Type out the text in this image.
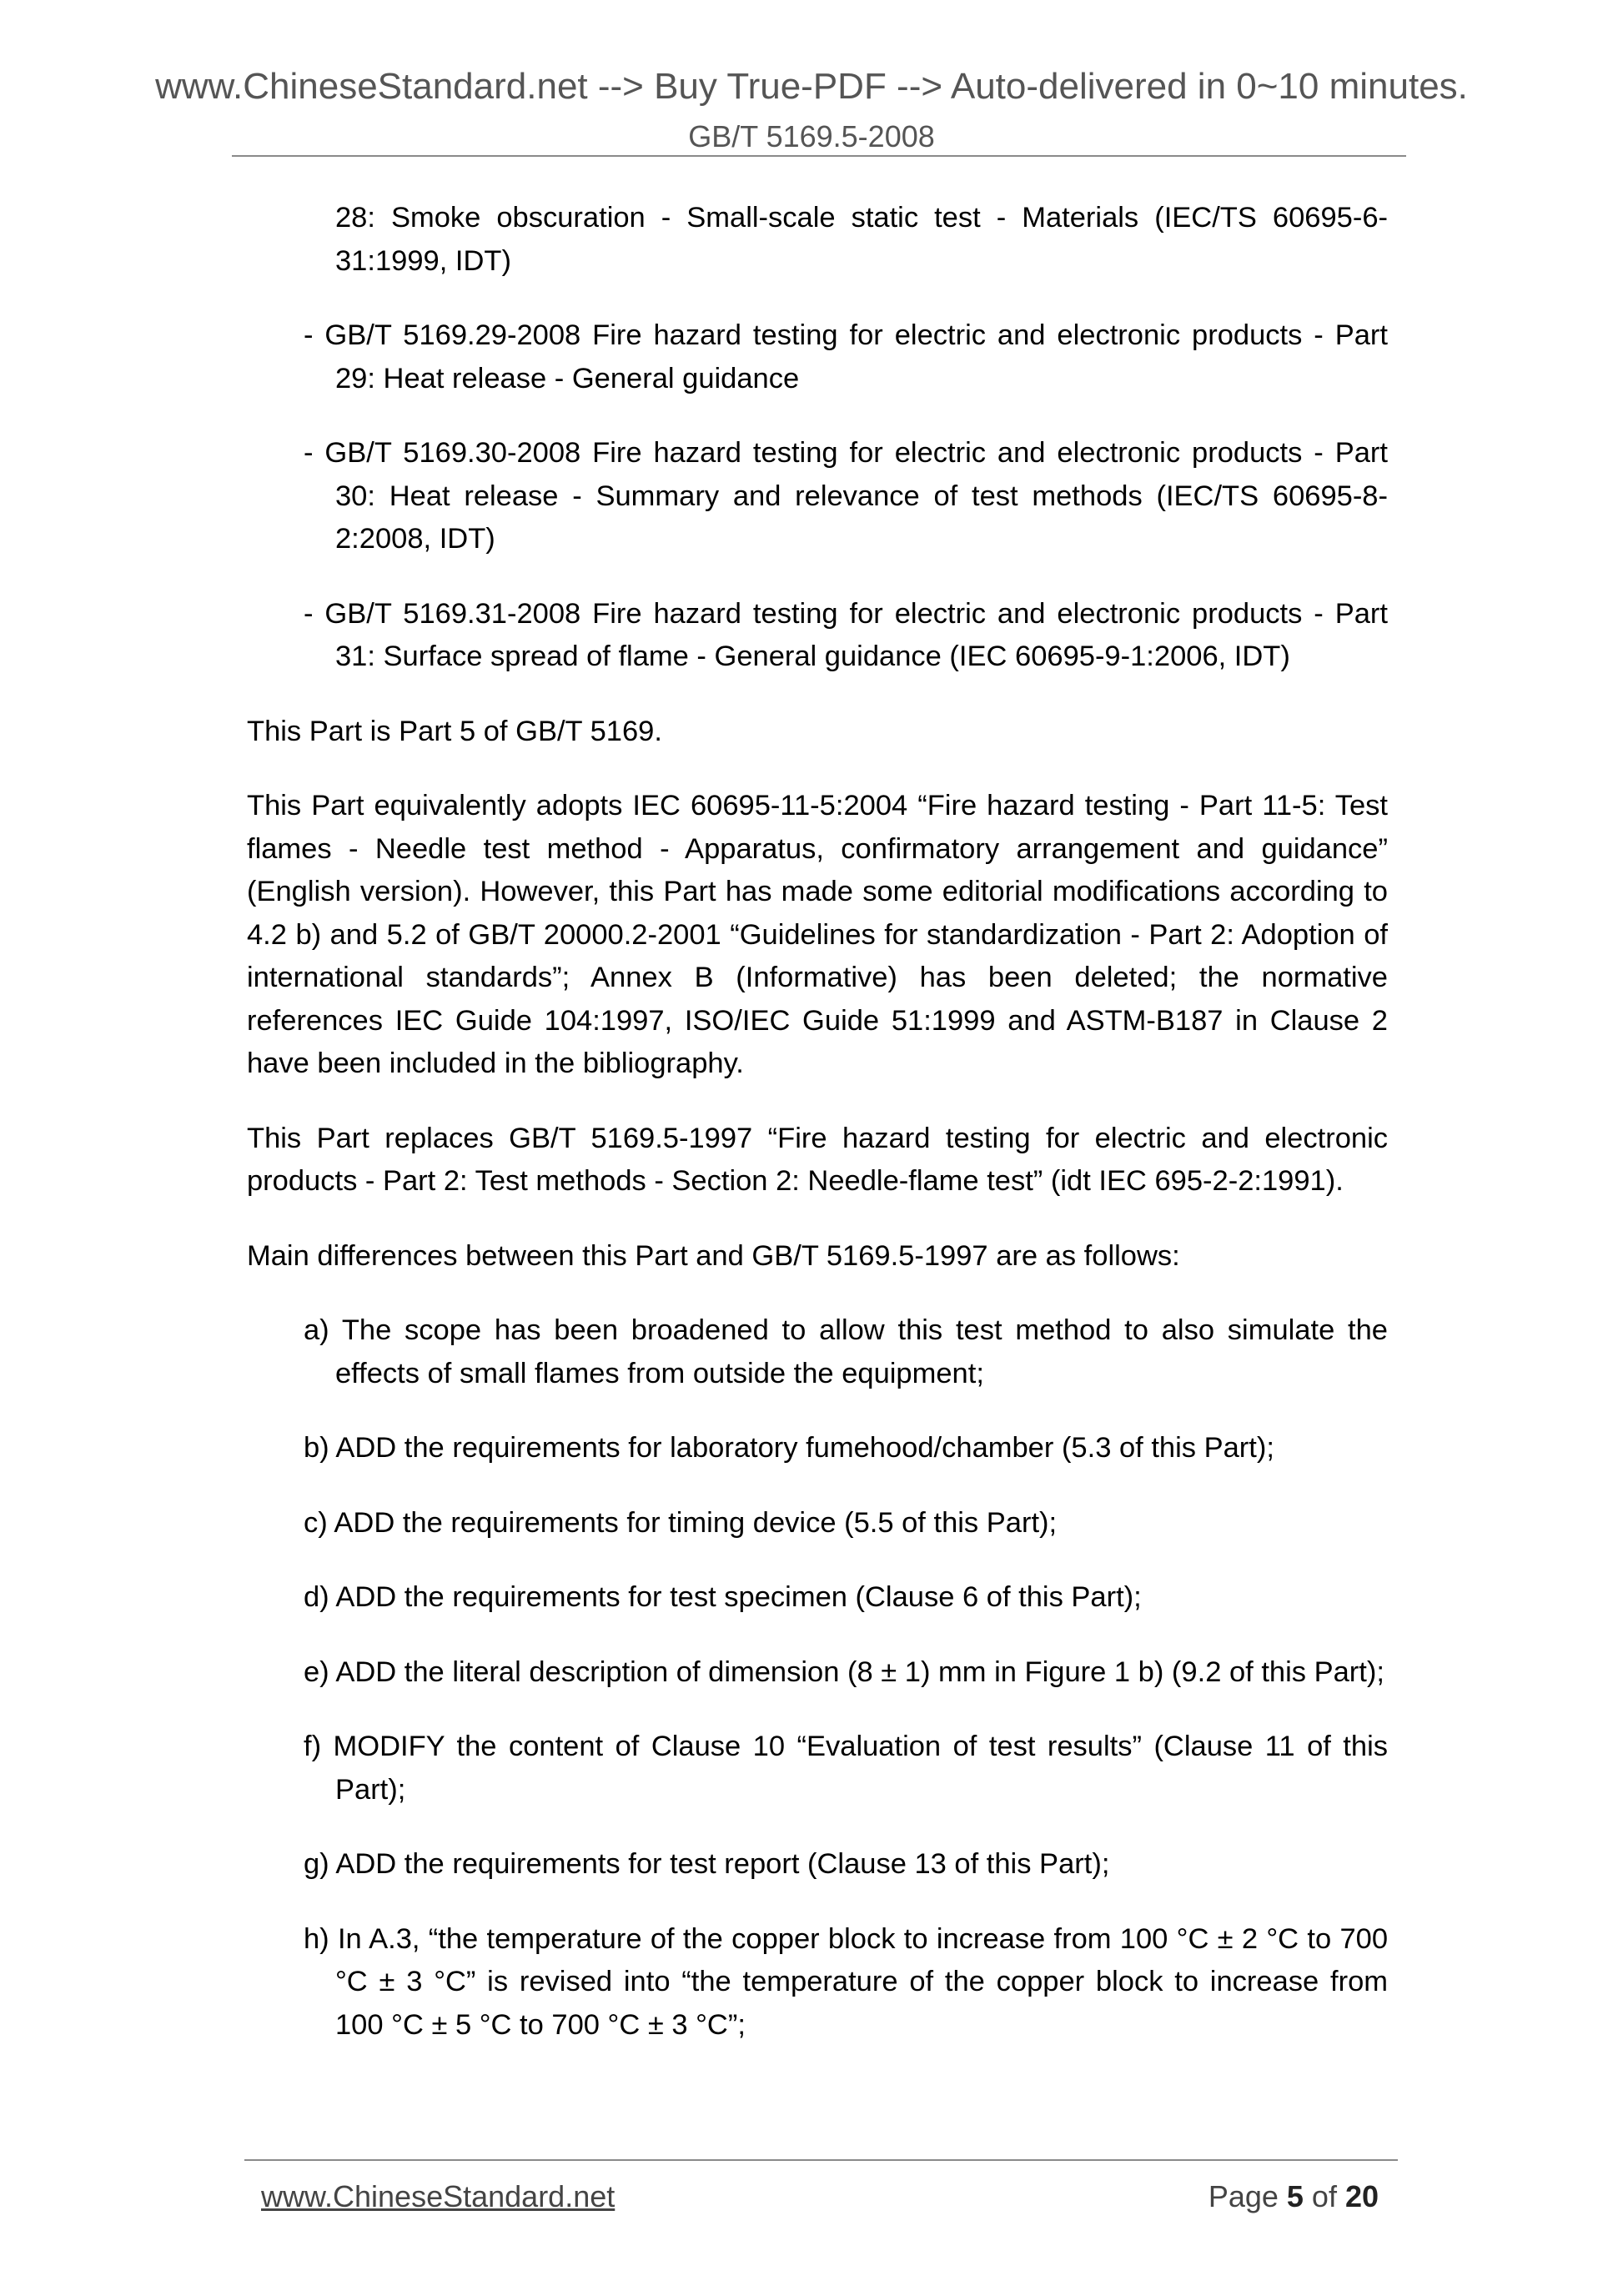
www.ChineseStandard.net --> Buy True-PDF --> Auto-delivered in 0~10 minutes.
GB/T 5169.5-2008

28: Smoke obscuration - Small-scale static test - Materials (IEC/TS 60695-6-31:1999, IDT)

- GB/T 5169.29-2008 Fire hazard testing for electric and electronic products - Part 29: Heat release - General guidance

- GB/T 5169.30-2008 Fire hazard testing for electric and electronic products - Part 30: Heat release - Summary and relevance of test methods (IEC/TS 60695-8-2:2008, IDT)

- GB/T 5169.31-2008 Fire hazard testing for electric and electronic products - Part 31: Surface spread of flame - General guidance (IEC 60695-9-1:2006, IDT)

This Part is Part 5 of GB/T 5169.

This Part equivalently adopts IEC 60695-11-5:2004 “Fire hazard testing - Part 11-5: Test flames - Needle test method - Apparatus, confirmatory arrangement and guidance” (English version). However, this Part has made some editorial modifications according to 4.2 b) and 5.2 of GB/T 20000.2-2001 “Guidelines for standardization - Part 2: Adoption of international standards”; Annex B (Informative) has been deleted; the normative references IEC Guide 104:1997, ISO/IEC Guide 51:1999 and ASTM-B187 in Clause 2 have been included in the bibliography.

This Part replaces GB/T 5169.5-1997 “Fire hazard testing for electric and electronic products - Part 2: Test methods - Section 2: Needle-flame test” (idt IEC 695-2-2:1991).

Main differences between this Part and GB/T 5169.5-1997 are as follows:

a) The scope has been broadened to allow this test method to also simulate the effects of small flames from outside the equipment;

b) ADD the requirements for laboratory fumehood/chamber (5.3 of this Part);

c) ADD the requirements for timing device (5.5 of this Part);

d) ADD the requirements for test specimen (Clause 6 of this Part);

e) ADD the literal description of dimension (8 ± 1) mm in Figure 1 b) (9.2 of this Part);

f) MODIFY the content of Clause 10 “Evaluation of test results” (Clause 11 of this Part);

g) ADD the requirements for test report (Clause 13 of this Part);

h) In A.3, “the temperature of the copper block to increase from 100 °C ± 2 °C to 700 °C ± 3 °C” is revised into “the temperature of the copper block to increase from 100 °C ± 5 °C to 700 °C ± 3 °C”;

www.ChineseStandard.net	Page 5 of 20
